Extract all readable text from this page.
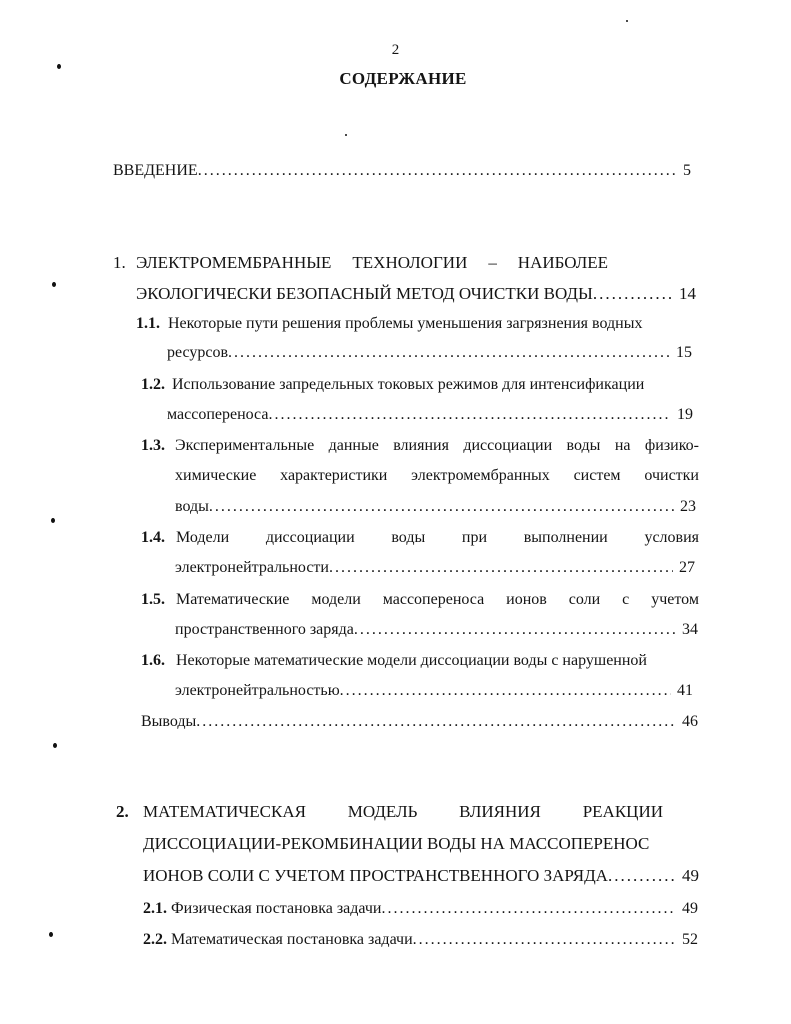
2
СОДЕРЖАНИЕ
ВВЕДЕНИЕ .....	5
1. ЭЛЕКТРОМЕМБРАННЫЕ ТЕХНОЛОГИИ – НАИБОЛЕЕ
ЭКОЛОГИЧЕСКИ БЕЗОПАСНЫЙ МЕТОД ОЧИСТКИ ВОДЫ .....	14
1.1. Некоторые пути решения проблемы уменьшения загрязнения водных
ресурсов .....	15
1.2. Использование запредельных токовых режимов для интенсификации
массопереноса .....	19
1.3. Экспериментальные данные влияния диссоциации воды на физико-
химические характеристики электромембранных систем очистки
воды .....	23
1.4. Модели диссоциации воды при выполнении условия
электронейтральности .....	27
1.5. Математические модели массопереноса ионов соли с учетом
пространственного заряда .....	34
1.6. Некоторые математические модели диссоциации воды с нарушенной
электронейтральностью .....	41
Выводы .....	46
2. МАТЕМАТИЧЕСКАЯ МОДЕЛЬ ВЛИЯНИЯ РЕАКЦИИ
ДИССОЦИАЦИИ-РЕКОМБИНАЦИИ ВОДЫ НА МАССОПЕРЕНОС
ИОНОВ СОЛИ С УЧЕТОМ ПРОСТРАНСТВЕННОГО ЗАРЯДА .....	49
2.1. Физическая постановка задачи .....	49
2.2. Математическая постановка задачи .....	52
